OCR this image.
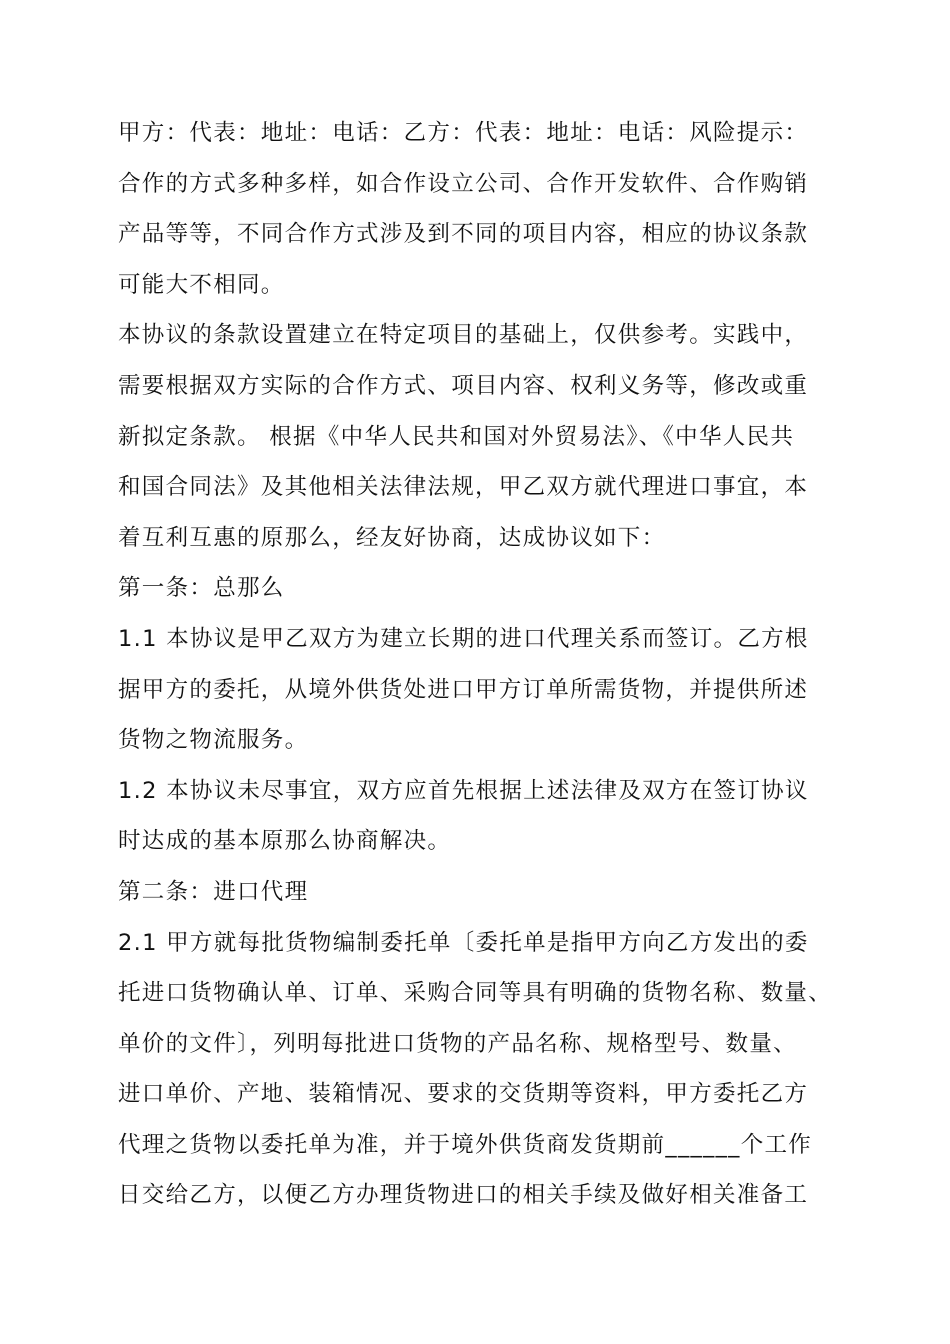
甲方：代表：地址：电话：乙方：代表：地址：电话：风险提示：
合作的方式多种多样，如合作设立公司、合作开发软件、合作购销
产品等等，不同合作方式涉及到不同的项目内容，相应的协议条款
可能大不相同。
本协议的条款设置建立在特定项目的基础上，仅供参考。实践中，
需要根据双方实际的合作方式、项目内容、权利义务等，修改或重
新拟定条款。 根据《中华人民共和国对外贸易法》、《中华人民共
和国合同法》及其他相关法律法规，甲乙双方就代理进口事宜，本
着互利互惠的原那么，经友好协商，达成协议如下：
第一条：总那么
1.1 本协议是甲乙双方为建立长期的进口代理关系而签订。乙方根
据甲方的委托，从境外供货处进口甲方订单所需货物，并提供所述
货物之物流服务。
1.2 本协议未尽事宜，双方应首先根据上述法律及双方在签订协议
时达成的基本原那么协商解决。
第二条：进口代理
2.1 甲方就每批货物编制委托单〔委托单是指甲方向乙方发出的委
托进口货物确认单、订单、采购合同等具有明确的货物名称、数量、
单价的文件〕，列明每批进口货物的产品名称、规格型号、数量、
进口单价、产地、装箱情况、要求的交货期等资料，甲方委托乙方
代理之货物以委托单为准，并于境外供货商发货期前______个工作
日交给乙方，以便乙方办理货物进口的相关手续及做好相关准备工
